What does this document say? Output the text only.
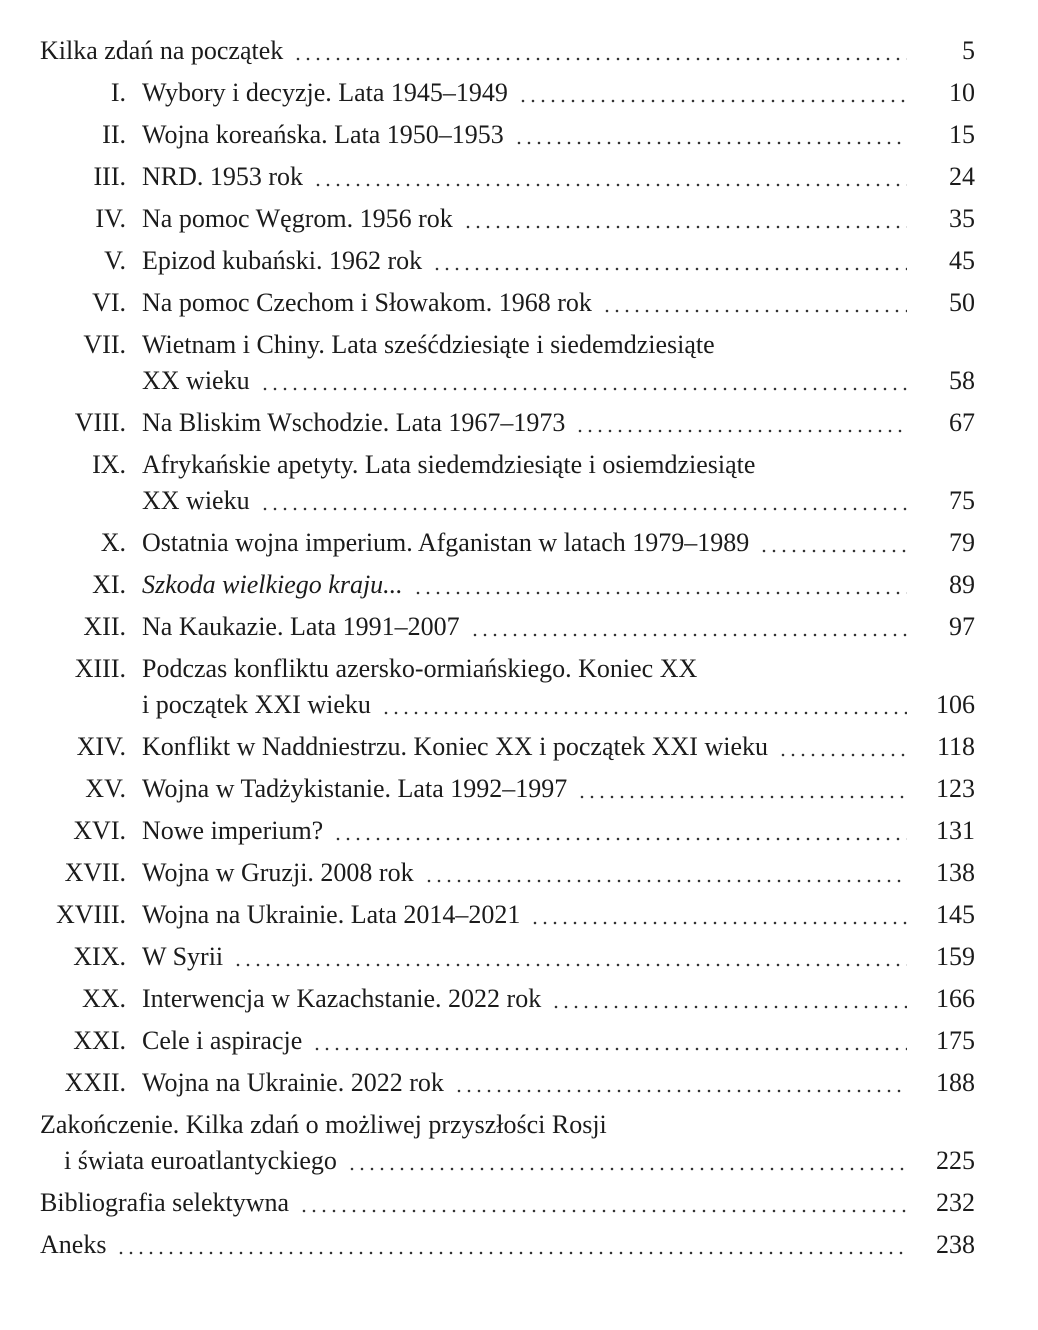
Kilka zdań na początek	5
I. Wybory i decyzje. Lata 1945–1949	10
II. Wojna koreańska. Lata 1950–1953	15
III. NRD. 1953 rok	24
IV. Na pomoc Węgrom. 1956 rok	35
V. Epizod kubański. 1962 rok	45
VI. Na pomoc Czechom i Słowakom. 1968 rok	50
VII. Wietnam i Chiny. Lata sześćdziesiąte i siedemdziesiąte
XX wieku	58
VIII. Na Bliskim Wschodzie. Lata 1967–1973	67
IX. Afrykańskie apetyty. Lata siedemdziesiąte i osiemdziesiąte
XX wieku	75
X. Ostatnia wojna imperium. Afganistan w latach 1979–1989	79
XI. Szkoda wielkiego kraju...	89
XII. Na Kaukazie. Lata 1991–2007	97
XIII. Podczas konfliktu azersko-ormiańskiego. Koniec XX
i początek XXI wieku	106
XIV. Konflikt w Naddniestrzu. Koniec XX i początek XXI wieku	118
XV. Wojna w Tadżykistanie. Lata 1992–1997	123
XVI. Nowe imperium?	131
XVII. Wojna w Gruzji. 2008 rok	138
XVIII. Wojna na Ukrainie. Lata 2014–2021	145
XIX. W Syrii	159
XX. Interwencja w Kazachstanie. 2022 rok	166
XXI. Cele i aspiracje	175
XXII. Wojna na Ukrainie. 2022 rok	188
Zakończenie. Kilka zdań o możliwej przyszłości Rosji
i świata euroatlantyckiego	225
Bibliografia selektywna	232
Aneks	238
